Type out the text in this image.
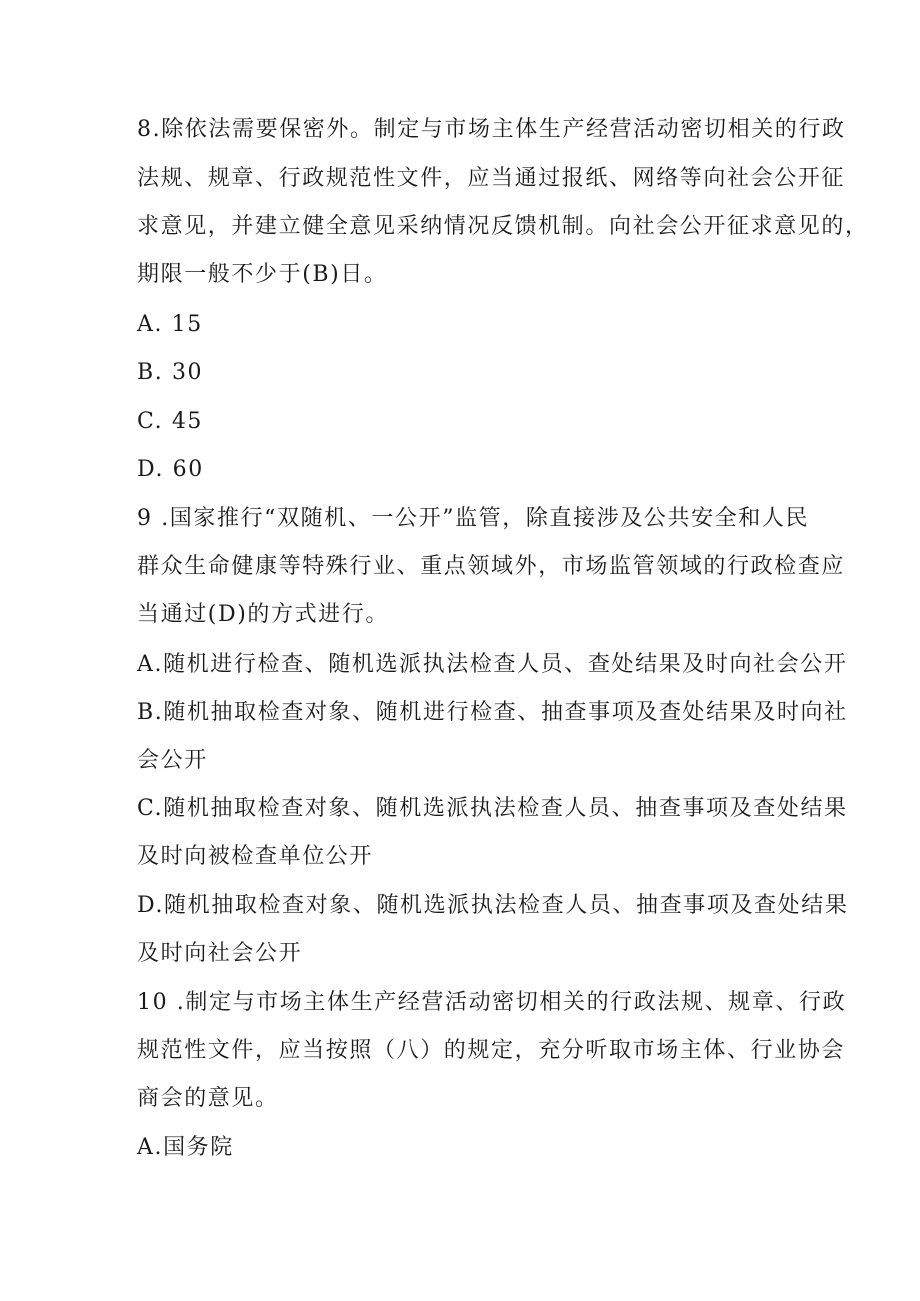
8.除依法需要保密外。制定与市场主体生产经营活动密切相关的行政
法规、规章、行政规范性文件，应当通过报纸、网络等向社会公开征
求意见，并建立健全意见采纳情况反馈机制。向社会公开征求意见的，
期限一般不少于(B)日。
A. 15
B. 30
C. 45
D. 60
9 .国家推行“双随机、一公开”监管，除直接涉及公共安全和人民
群众生命健康等特殊行业、重点领域外，市场监管领域的行政检查应
当通过(D)的方式进行。
A.随机进行检查、随机选派执法检查人员、查处结果及时向社会公开
B.随机抽取检查对象、随机进行检查、抽查事项及查处结果及时向社
会公开
C.随机抽取检查对象、随机选派执法检查人员、抽查事项及查处结果
及时向被检查单位公开
D.随机抽取检查对象、随机选派执法检查人员、抽查事项及查处结果
及时向社会公开
10 .制定与市场主体生产经营活动密切相关的行政法规、规章、行政
规范性文件，应当按照（八）的规定，充分听取市场主体、行业协会
商会的意见。
A.国务院
